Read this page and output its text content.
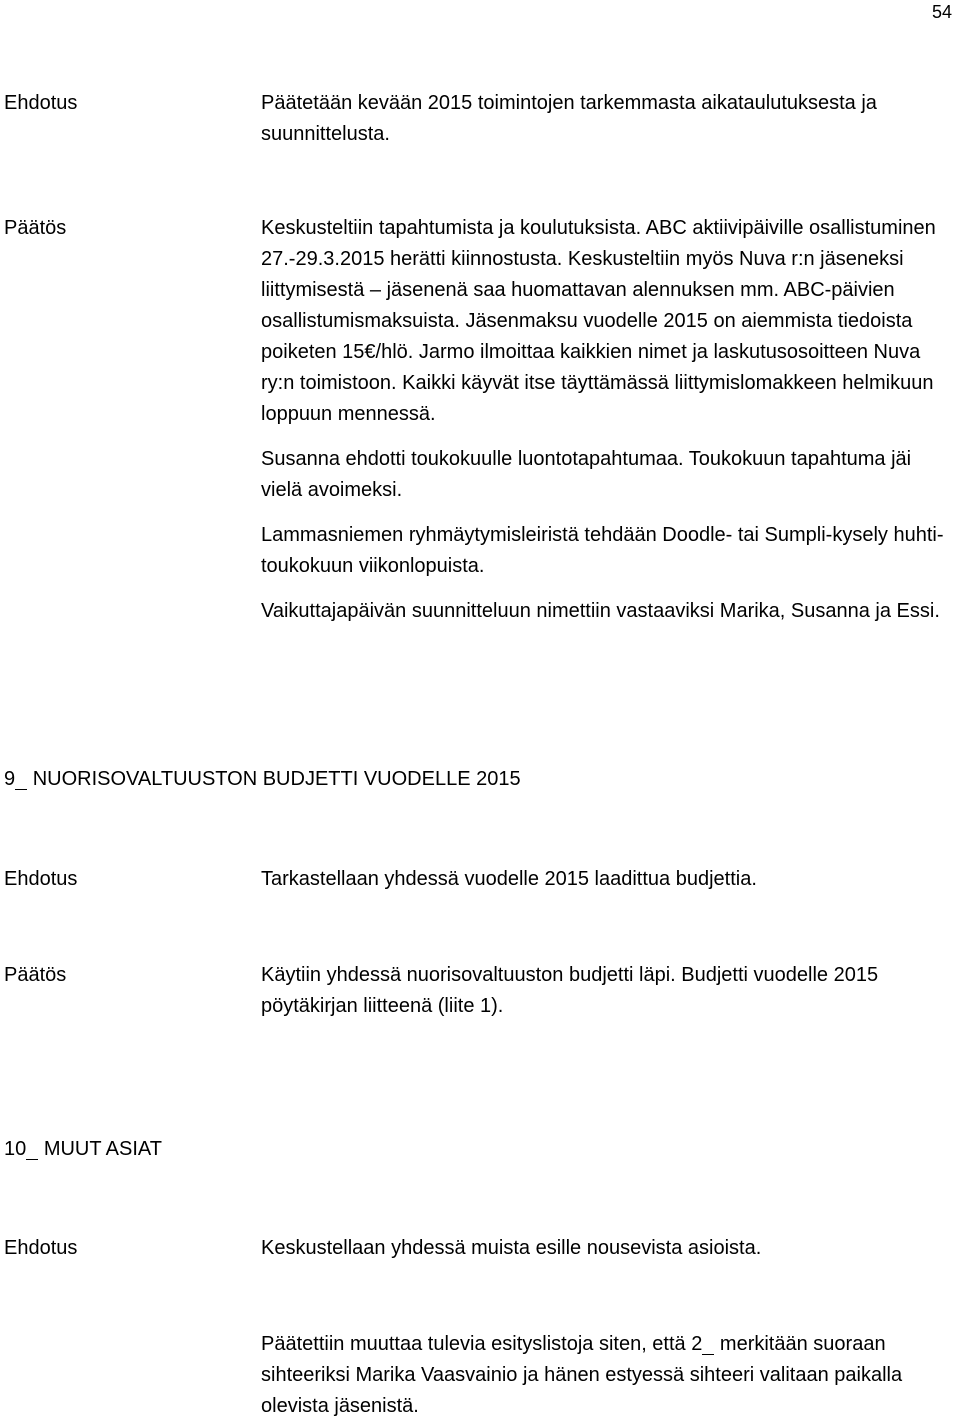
54
Ehdotus	Päätetään kevään 2015 toimintojen tarkemmasta aikataulutuksesta ja suunnittelusta.

Päätös	Keskusteltiin tapahtumista ja koulutuksista. ABC aktiivipäiville osallistuminen 27.-29.3.2015 herätti kiinnostusta. Keskusteltiin myös Nuva r:n jäseneksi liittymisestä – jäsenenä saa huomattavan alennuksen mm. ABC-päivien osallistumismaksuista. Jäsenmaksu vuodelle 2015 on aiemmista tiedoista poiketen 15€/hlö. Jarmo ilmoittaa kaikkien nimet ja laskutusosoitteen Nuva ry:n toimistoon. Kaikki käyvät itse täyttämässä liittymislomakkeen helmikuun loppuun mennessä.

Susanna ehdotti toukokuulle luontotapahtumaa. Toukokuun tapahtuma jäi vielä avoimeksi.

Lammasniemen ryhmäytymisleiristä tehdään Doodle- tai Sumpli-kysely huhti-toukokuun viikonlopuista.

Vaikuttajapäivän suunnitteluun nimettiin vastaaviksi Marika, Susanna ja Essi.

9 NUORISOVALTUUSTON BUDJETTI VUODELLE 2015
Ehdotus	Tarkastellaan yhdessä vuodelle 2015 laadittua budjettia.

Päätös	Käytiin yhdessä nuorisovaltuuston budjetti läpi. Budjetti vuodelle 2015 pöytäkirjan liitteenä (liite 1).

10 MUUT ASIAT
Ehdotus	Keskustellaan yhdessä muista esille nousevista asioista.

Päätettiin muuttaa tulevia esityslistoja siten, että 2 merkitään suoraan sihteeriksi Marika Vaasvainio ja hänen estyessä sihteeri valitaan paikalla olevista jäsenistä.
